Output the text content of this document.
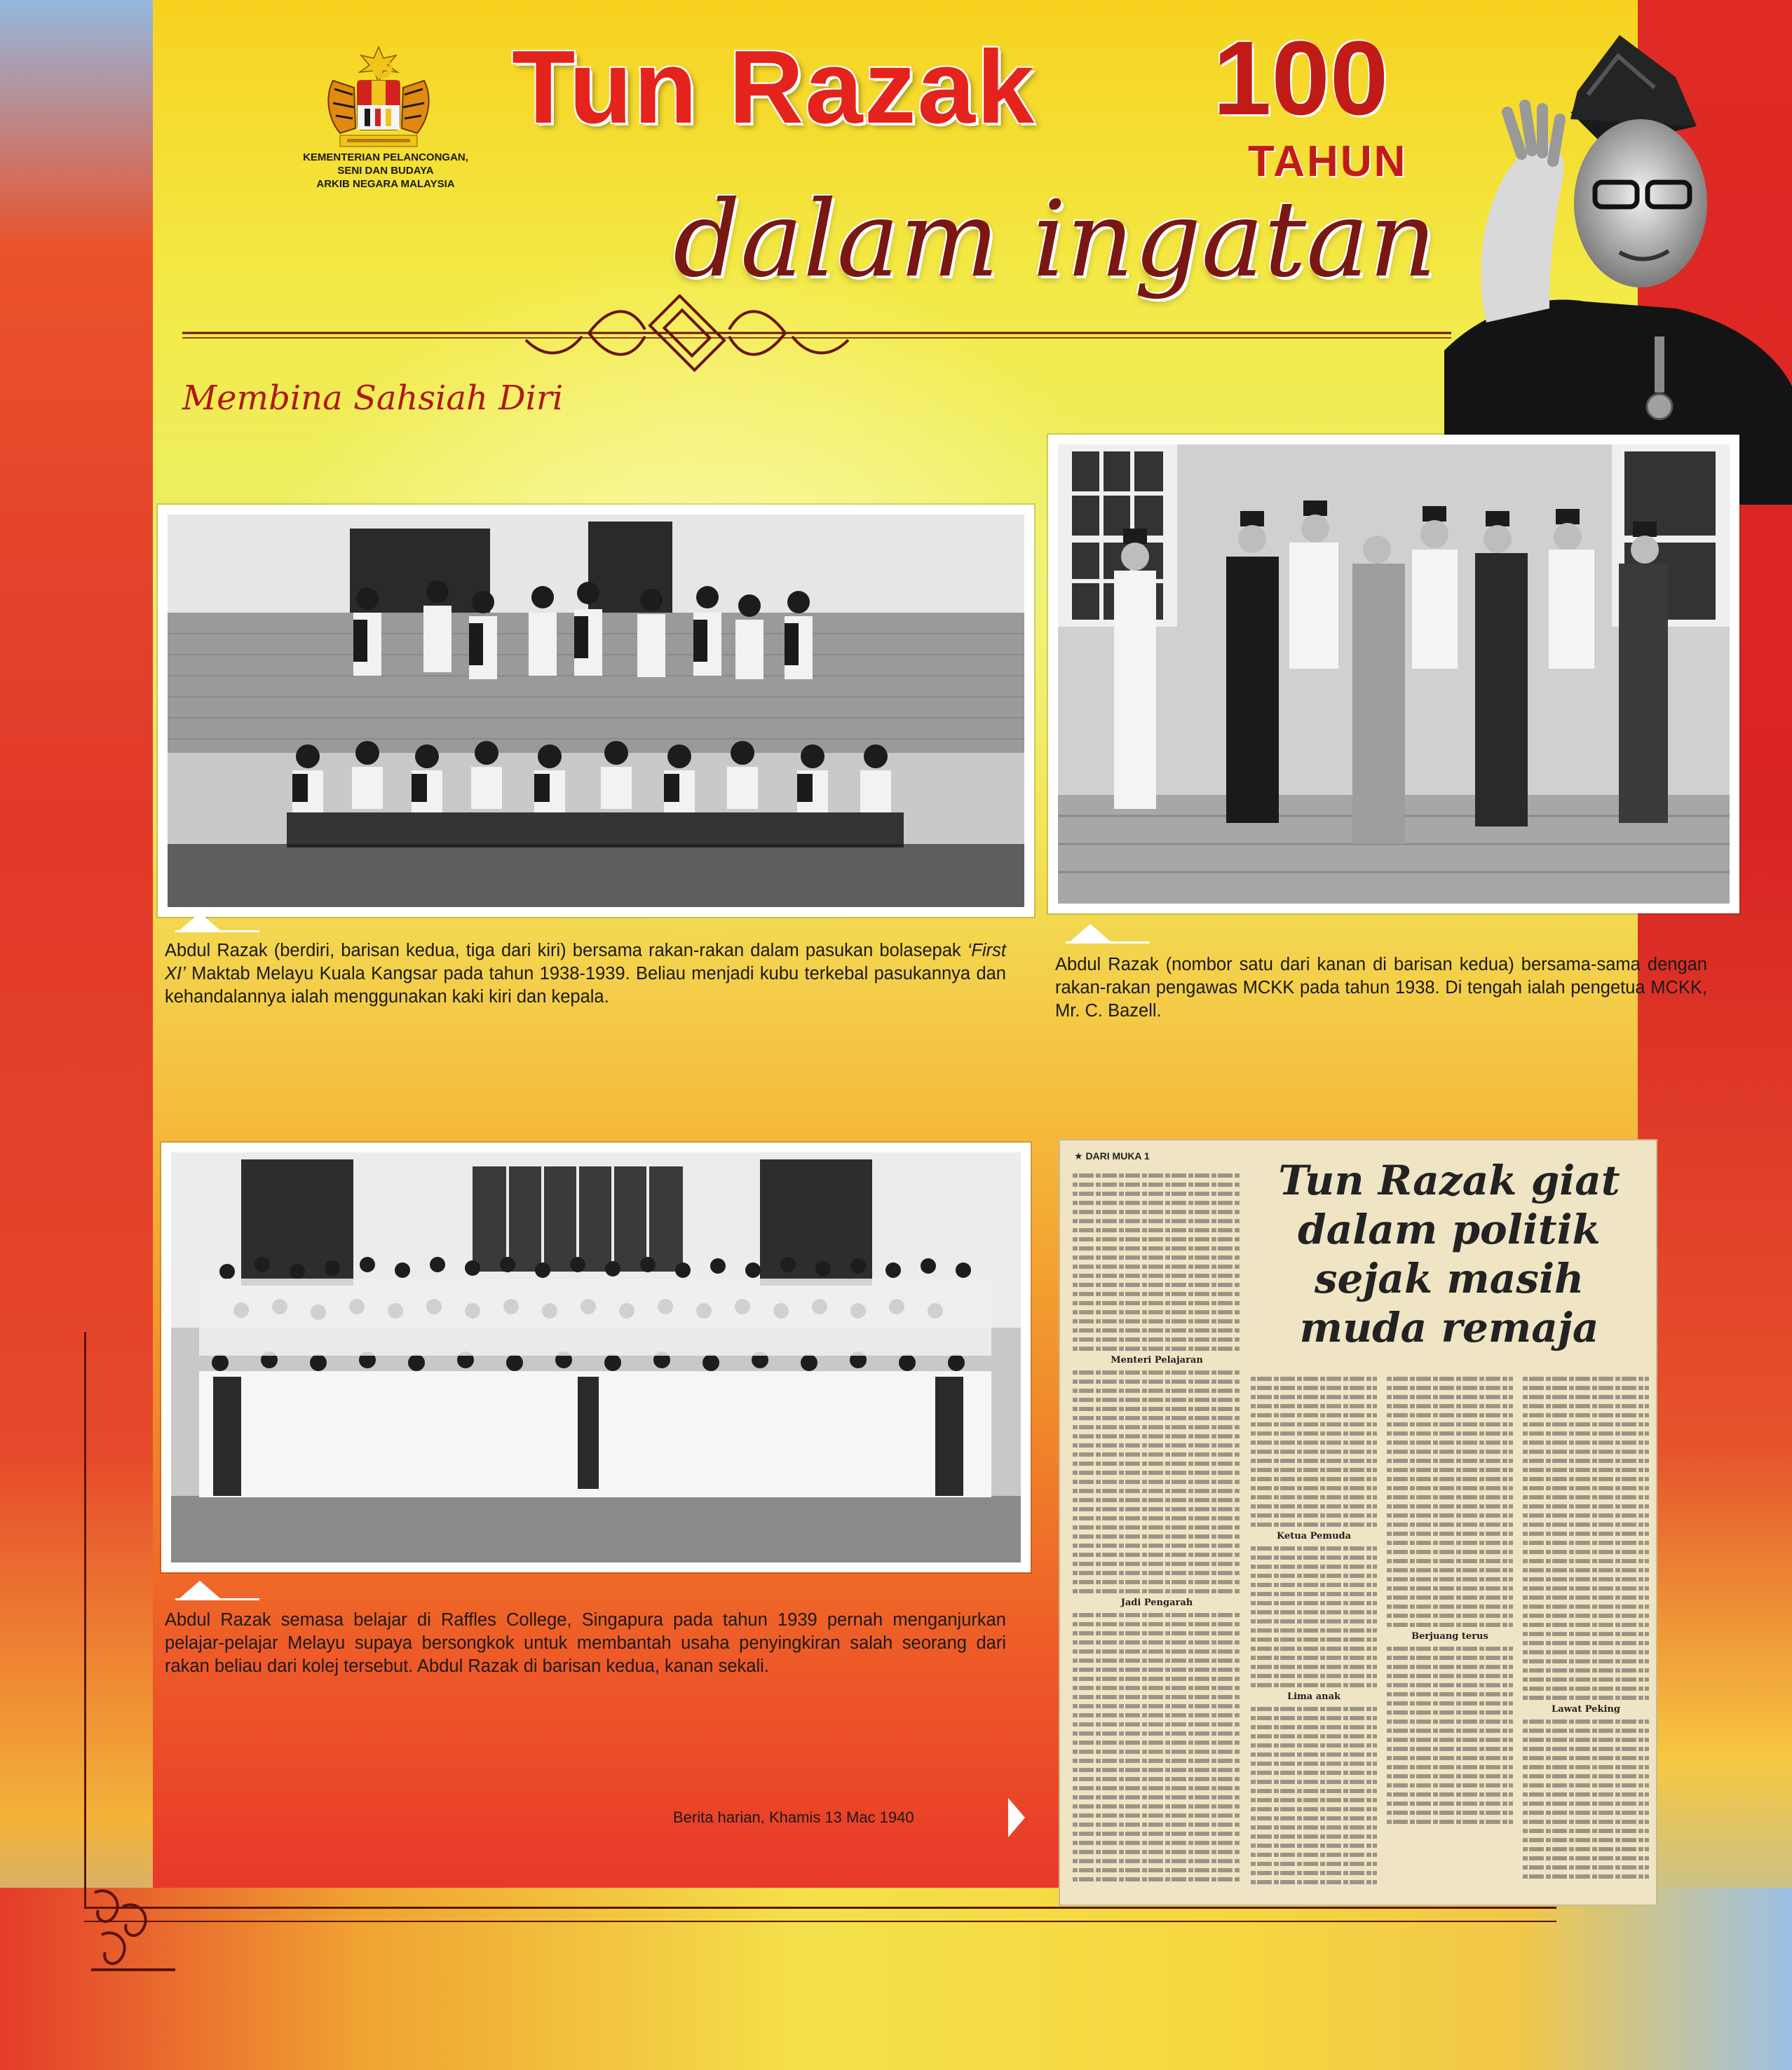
KEMENTERIAN PELANCONGAN,
SENI DAN BUDAYA
ARKIB NEGARA MALAYSIA
Tun Razak 100
TAHUN
dalam ingatan
Membina Sahsiah Diri
Abdul Razak (berdiri, barisan kedua, tiga dari kiri) bersama rakan-rakan dalam pasukan bolasepak ‘First XI’ Maktab Melayu Kuala Kangsar pada tahun 1938-1939. Beliau menjadi kubu terkebal pasukannya dan kehandalannya ialah menggunakan kaki kiri dan kepala.
Abdul Razak (nombor satu dari kanan di barisan kedua) bersama-sama dengan rakan-rakan pengawas MCKK pada tahun 1938. Di tengah ialah pengetua MCKK, Mr. C. Bazell.
Abdul Razak semasa belajar di Raffles College, Singapura pada tahun 1939 pernah menganjurkan pelajar-pelajar Melayu supaya bersongkok untuk membantah usaha penyingkiran salah seorang dari rakan beliau dari kolej tersebut. Abdul Razak di barisan kedua, kanan sekali.
★ DARI MUKA 1
Tun Razak giat
dalam politik
sejak masih
muda remaja
Menteri Pelajaran
Jadi Pengarah
Ketua Pemuda
Lima anak
Berjuang terus
Lawat Peking
Berita harian, Khamis 13 Mac 1940
